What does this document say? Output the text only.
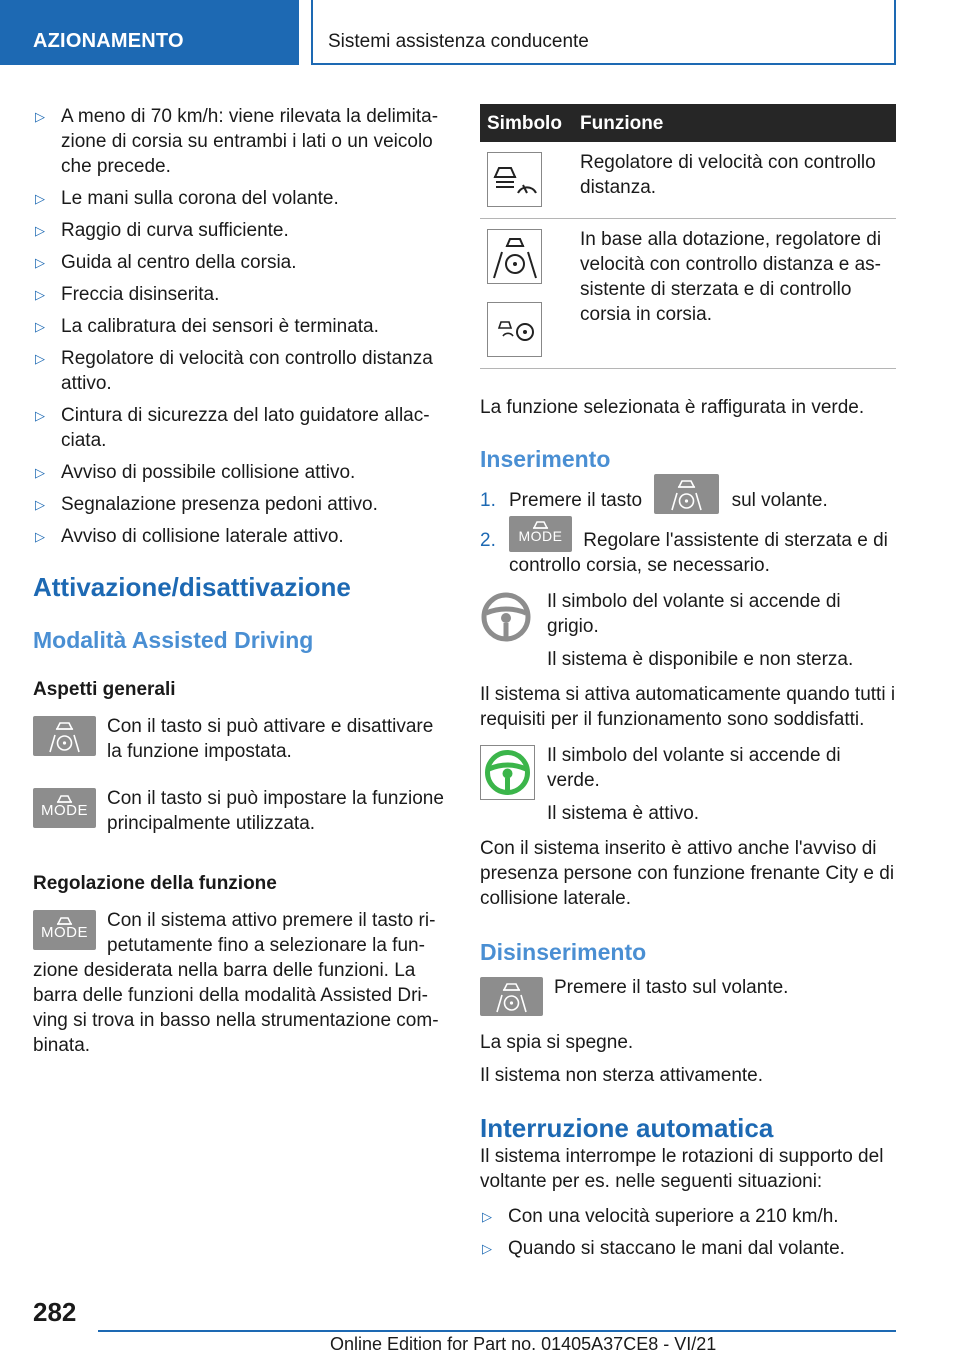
AZIONAMENTO	Sistemi assistenza conducente
▷ A meno di 70 km/h: viene rilevata la delimitazione di corsia su entrambi i lati o un veicolo che precede.
▷ Le mani sulla corona del volante.
▷ Raggio di curva sufficiente.
▷ Guida al centro della corsia.
▷ Freccia disinserita.
▷ La calibratura dei sensori è terminata.
▷ Regolatore di velocità con controllo distanza attivo.
▷ Cintura di sicurezza del lato guidatore allacciata.
▷ Avviso di possibile collisione attivo.
▷ Segnalazione presenza pedoni attivo.
▷ Avviso di collisione laterale attivo.
Attivazione/disattivazione
Modalità Assisted Driving
Aspetti generali
Con il tasto si può attivare e disattivare la funzione impostata.
MODE
Con il tasto si può impostare la funzione principalmente utilizzata.
Regolazione della funzione
MODE
Con il sistema attivo premere il tasto ripetutamente fino a selezionare la funzione desiderata nella barra delle funzioni. La barra delle funzioni della modalità Assisted Driving si trova in basso nella strumentazione combinata.
Simbolo	Funzione

	Regolatore di velocità con controllo distanza.

	In base alla dotazione, regolatore di velocità con controllo distanza e assistente di sterzata e di controllo corsia in corsia.
La funzione selezionata è raffigurata in verde.
Inserimento
1. Premere il tasto	sul volante.
2.	MODE	Regolare l'assistente di sterzata e di controllo corsia, se necessario.
Il simbolo del volante si accende di grigio.
Il sistema è disponibile e non sterza.
Il sistema si attiva automaticamente quando tutti i requisiti per il funzionamento sono soddisfatti.
Il simbolo del volante si accende di verde.
Il sistema è attivo.
Con il sistema inserito è attivo anche l'avviso di presenza persone con funzione frenante City e di collisione laterale.
Disinserimento
Premere il tasto sul volante.
La spia si spegne.
Il sistema non sterza attivamente.
Interruzione automatica
Il sistema interrompe le rotazioni di supporto del voltante per es. nelle seguenti situazioni:
▷ Con una velocità superiore a 210 km/h.
▷ Quando si staccano le mani dal volante.
282
Online Edition for Part no. 01405A37CE8 - VI/21
